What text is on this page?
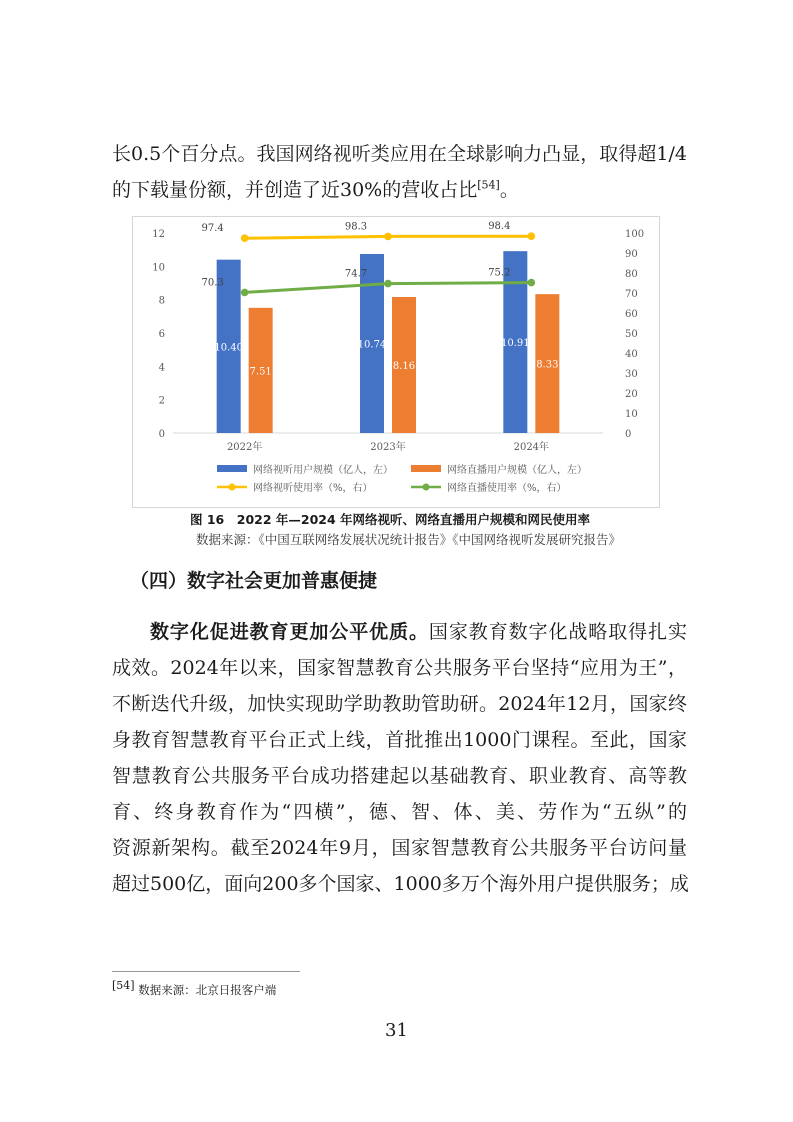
长0.5个百分点。我国网络视听类应用在全球影响力凸显，取得超1/4
的下载量份额，并创造了近30%的营收占比[54]。
0
2
4
6
8
10
12
0
10
20
30
40
50
60
70
80
90
100
2022年	2023年	2024年
10.40	10.74	10.91
7.51	8.16	8.33
97.4	98.3	98.4
70.3
74.7	75.2
网络视听用户规模（亿人，左）	网络直播用户规模（亿人，左）
网络视听使用率（%，右）	网络直播使用率（%，右）
图 16　2022 年—2024 年网络视听、网络直播用户规模和网民使用率
数据来源：《中国互联网络发展状况统计报告》《中国网络视听发展研究报告》
（四）数字社会更加普惠便捷
数字化促进教育更加公平优质。国家教育数字化战略取得扎实
成效。2024年以来，国家智慧教育公共服务平台坚持“应用为王”，
不断迭代升级，加快实现助学助教助管助研。2024年12月，国家终
身教育智慧教育平台正式上线，首批推出1000门课程。至此，国家
智慧教育公共服务平台成功搭建起以基础教育、职业教育、高等教
育、终身教育作为“四横”，德、智、体、美、劳作为“五纵”的
资源新架构。截至2024年9月，国家智慧教育公共服务平台访问量
超过500亿，面向200多个国家、1000多万个海外用户提供服务；成
[54] 数据来源：北京日报客户端
31
